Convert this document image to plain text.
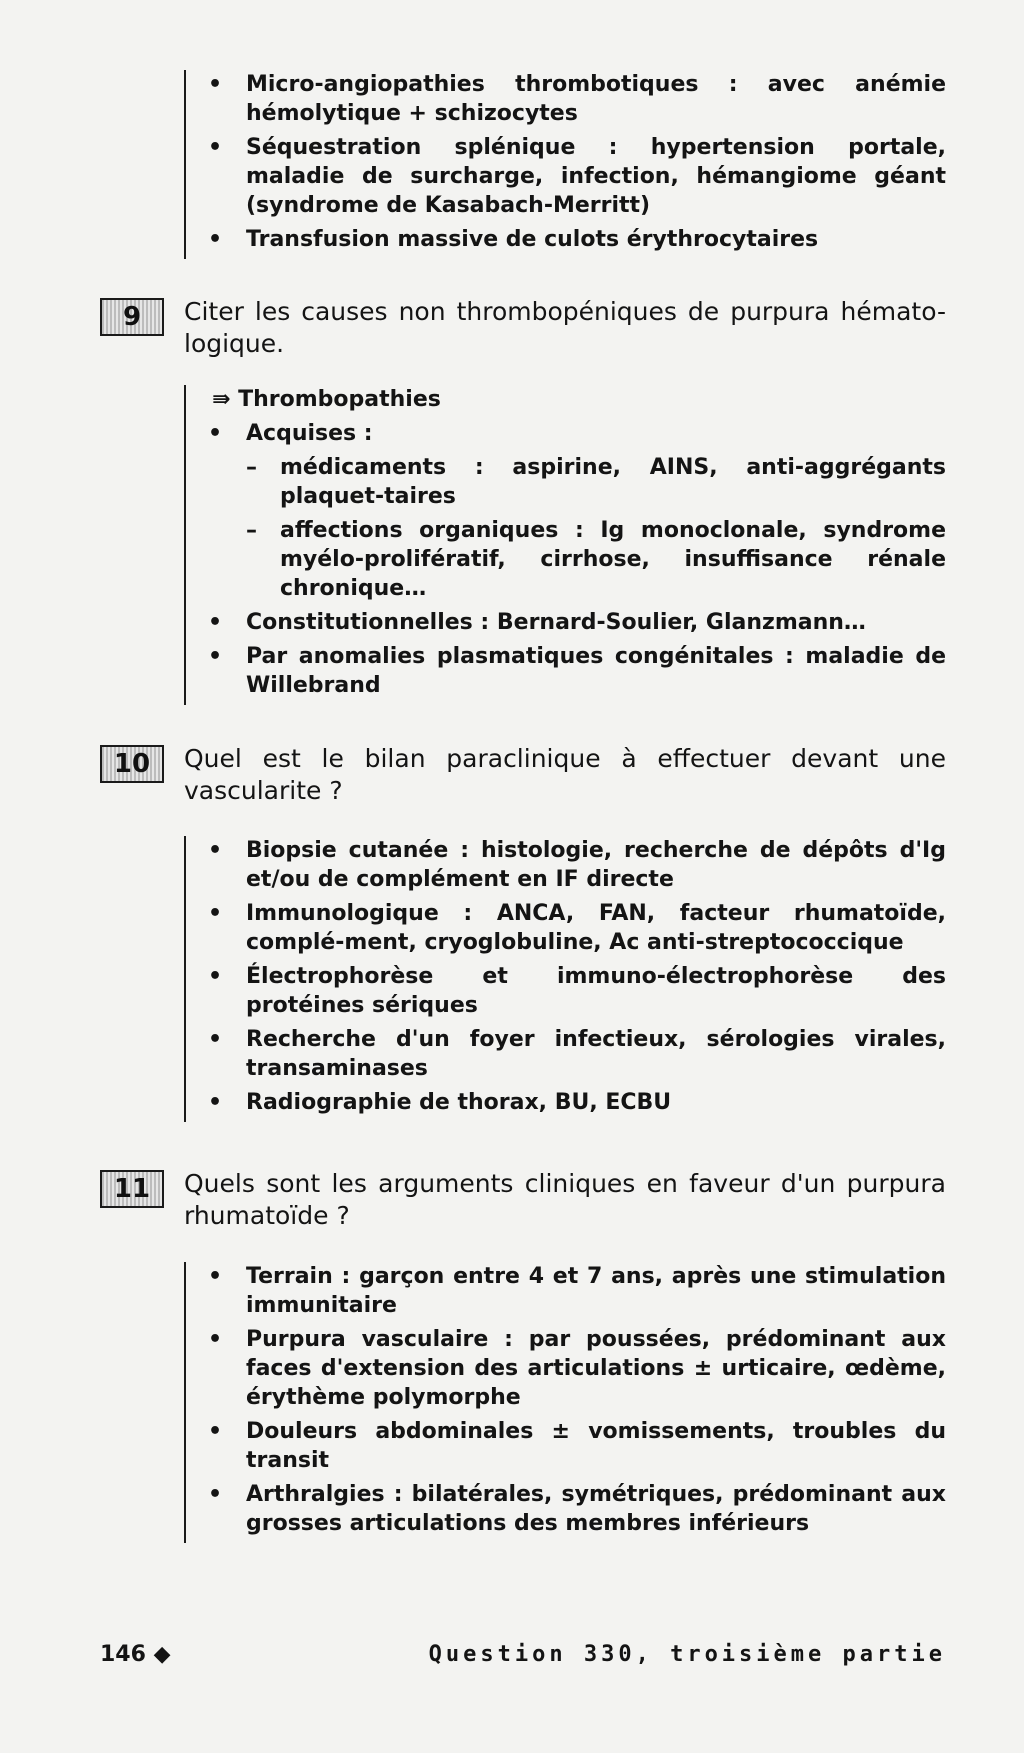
• Micro-angiopathies thrombotiques : avec anémie hémolytique + schizocytes
• Séquestration splénique : hypertension portale, maladie de surcharge, infection, hémangiome géant (syndrome de Kasabach-Merritt)
• Transfusion massive de culots érythrocytaires
9	Citer les causes non thrombopéniques de purpura hémato-logique.
⇛ Thrombopathies
• Acquises :
– médicaments : aspirine, AINS, anti-aggrégants plaquet-taires
– affections organiques : Ig monoclonale, syndrome myélo-prolifératif, cirrhose, insuffisance rénale chronique…
• Constitutionnelles : Bernard-Soulier, Glanzmann…
• Par anomalies plasmatiques congénitales : maladie de Willebrand
10	Quel est le bilan paraclinique à effectuer devant une vascularite ?
• Biopsie cutanée : histologie, recherche de dépôts d'Ig et/ou de complément en IF directe
• Immunologique : ANCA, FAN, facteur rhumatoïde, complé-ment, cryoglobuline, Ac anti-streptococcique
• Électrophorèse et immuno-électrophorèse des protéines sériques
• Recherche d'un foyer infectieux, sérologies virales, transaminases
• Radiographie de thorax, BU, ECBU
11	Quels sont les arguments cliniques en faveur d'un purpura rhumatoïde ?
• Terrain : garçon entre 4 et 7 ans, après une stimulation immunitaire
• Purpura vasculaire : par poussées, prédominant aux faces d'extension des articulations ± urticaire, œdème, érythème polymorphe
• Douleurs abdominales ± vomissements, troubles du transit
• Arthralgies : bilatérales, symétriques, prédominant aux grosses articulations des membres inférieurs
146 ◆	Question 330, troisième partie
